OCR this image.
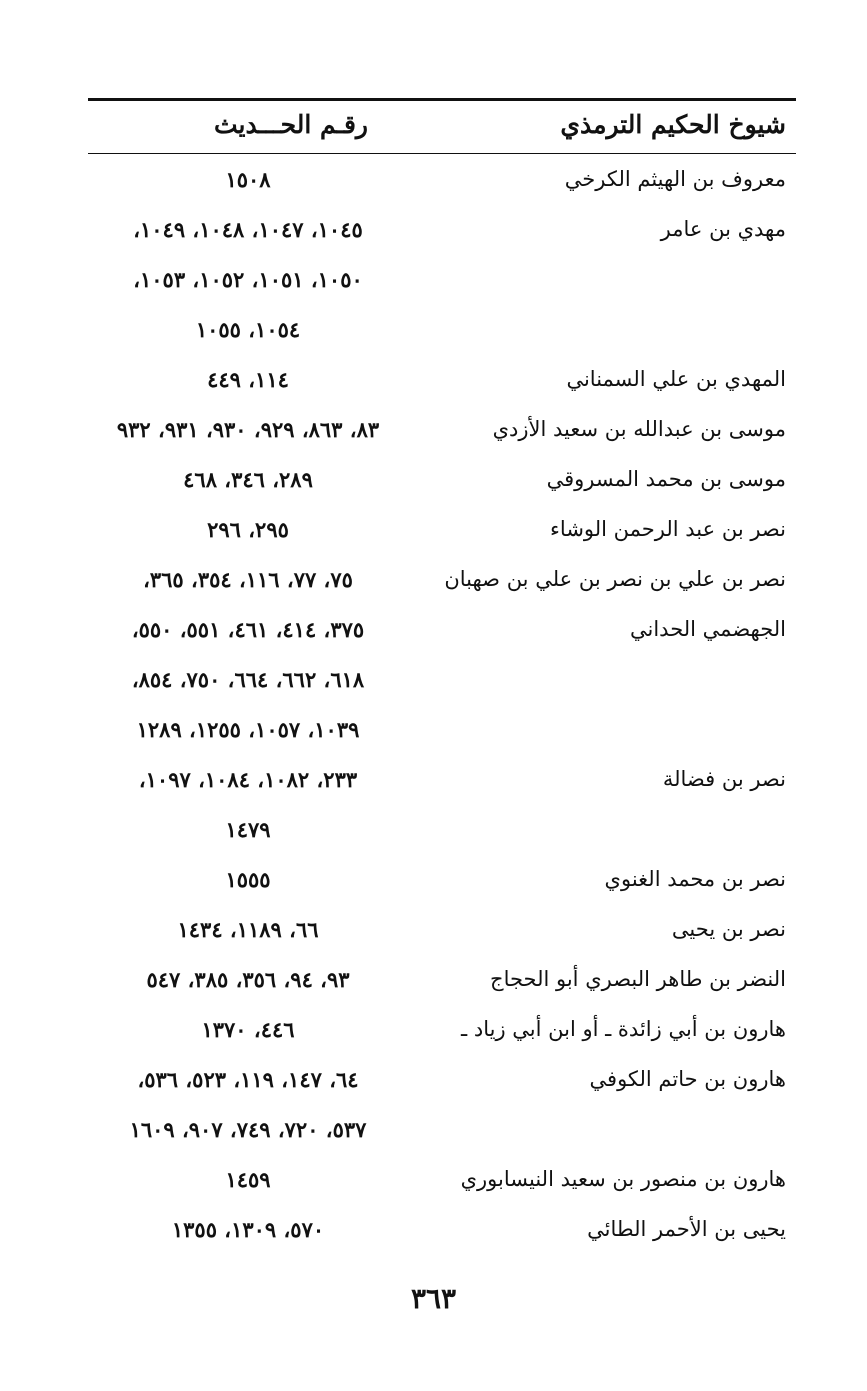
شيوخ الحكيم الترمذي
رقـم الحـــديث
معروف بن الهيثم الكرخي
١٥٠٨
مهدي بن عامر
١٠٤٥، ١٠٤٧، ١٠٤٨، ١٠٤٩،
١٠٥٠، ١٠٥١، ١٠٥٢، ١٠٥٣،
١٠٥٤، ١٠٥٥
المهدي بن علي السمناني
١١٤، ٤٤٩
موسى بن عبدالله بن سعيد الأزدي
٨٣، ٨٦٣، ٩٢٩، ٩٣٠، ٩٣١، ٩٣٢
موسى بن محمد المسروقي
٢٨٩، ٣٤٦، ٤٦٨
نصر بن عبد الرحمن الوشاء
٢٩٥، ٢٩٦
نصر بن علي بن نصر بن علي بن صهبان
٧٥، ٧٧، ١١٦، ٣٥٤، ٣٦٥،
الجهضمي الحداني
٣٧٥، ٤١٤، ٤٦١، ٥٥١، ٥٥٠،
٦١٨، ٦٦٢، ٦٦٤، ٧٥٠، ٨٥٤،
١٠٣٩، ١٠٥٧، ١٢٥٥، ١٢٨٩
نصر بن فضالة
٢٣٣، ١٠٨٢، ١٠٨٤، ١٠٩٧،
١٤٧٩
نصر بن محمد الغنوي
١٥٥٥
نصر بن يحيى
٦٦، ١١٨٩، ١٤٣٤
النضر بن طاهر البصري أبو الحجاج
٩٣، ٩٤، ٣٥٦، ٣٨٥، ٥٤٧
هارون بن أبي زائدة ـ أو ابن أبي زياد ـ
٤٤٦، ١٣٧٠
هارون بن حاتم الكوفي
٦٤، ١٤٧، ١١٩، ٥٢٣، ٥٣٦،
٥٣٧، ٧٢٠، ٧٤٩، ٩٠٧، ١٦٠٩
هارون بن منصور بن سعيد النيسابوري
١٤٥٩
يحيى بن الأحمر الطائي
٥٧٠، ١٣٠٩، ١٣٥٥
٣٦٣
